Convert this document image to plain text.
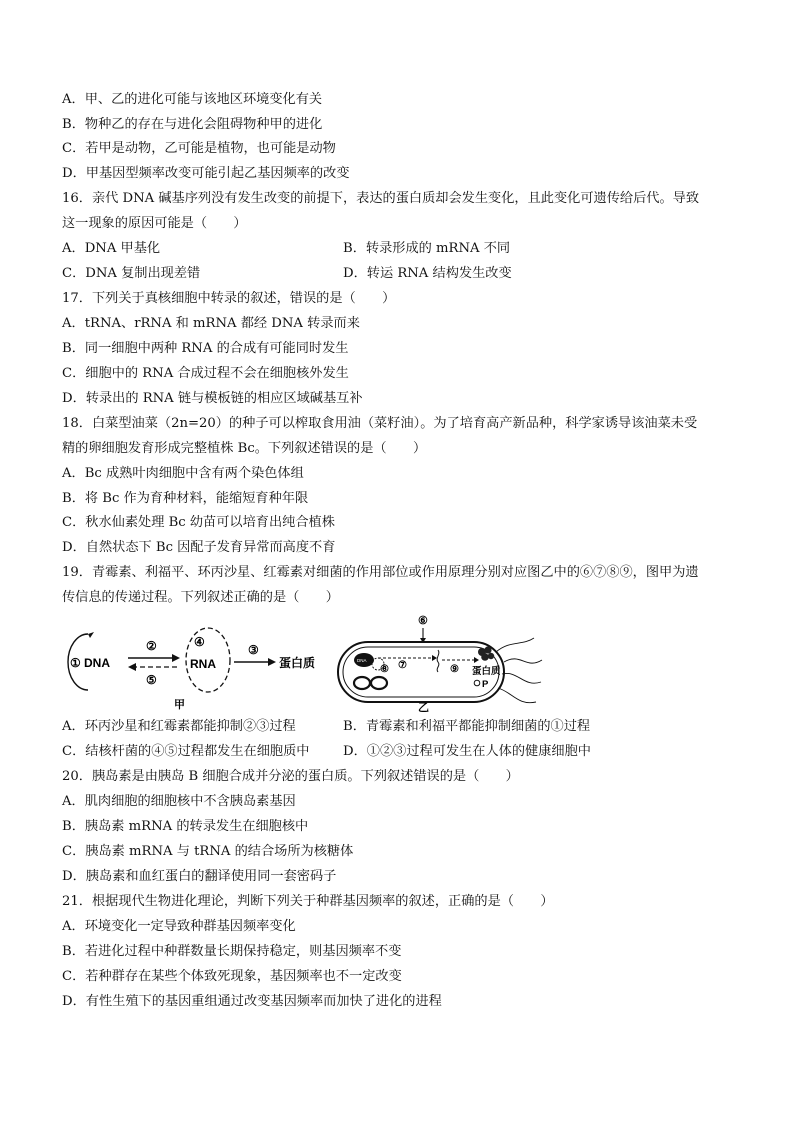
A．甲、乙的进化可能与该地区环境变化有关
B．物种乙的存在与进化会阻碍物种甲的进化
C．若甲是动物，乙可能是植物，也可能是动物
D．甲基因型频率改变可能引起乙基因频率的改变
16．亲代 DNA 碱基序列没有发生改变的前提下，表达的蛋白质却会发生变化，且此变化可遗传给后代。导致
这一现象的原因可能是（　　）
A．DNA 甲基化	B．转录形成的 mRNA 不同
C．DNA 复制出现差错	D．转运 RNA 结构发生改变
17．下列关于真核细胞中转录的叙述，错误的是（　　）
A．tRNA、rRNA 和 mRNA 都经 DNA 转录而来
B．同一细胞中两种 RNA 的合成有可能同时发生
C．细胞中的 RNA 合成过程不会在细胞核外发生
D．转录出的 RNA 链与模板链的相应区域碱基互补
18．白菜型油菜（2n=20）的种子可以榨取食用油（菜籽油）。为了培育高产新品种，科学家诱导该油菜未受
精的卵细胞发育形成完整植株 Bc。下列叙述错误的是（　　）
A．Bc 成熟叶肉细胞中含有两个染色体组
B．将 Bc 作为育种材料，能缩短育种年限
C．秋水仙素处理 Bc 幼苗可以培育出纯合植株
D．自然状态下 Bc 因配子发育异常而高度不育
19．青霉素、利福平、环丙沙星、红霉素对细菌的作用部位或作用原理分别对应图乙中的⑥⑦⑧⑨，图甲为遗
传信息的传递过程。下列叙述正确的是（　　）
① DNA
②
⑤
④
RNA
③
蛋白质
甲
⑥
DNA
⑧ ⑦	⑨ 蛋白质
P
乙
A．环丙沙星和红霉素都能抑制②③过程	B．青霉素和利福平都能抑制细菌的①过程
C．结核杆菌的④⑤过程都发生在细胞质中	D．①②③过程可发生在人体的健康细胞中
20．胰岛素是由胰岛 B 细胞合成并分泌的蛋白质。下列叙述错误的是（　　）
A．肌肉细胞的细胞核中不含胰岛素基因
B．胰岛素 mRNA 的转录发生在细胞核中
C．胰岛素 mRNA 与 tRNA 的结合场所为核糖体
D．胰岛素和血红蛋白的翻译使用同一套密码子
21．根据现代生物进化理论，判断下列关于种群基因频率的叙述，正确的是（　　）
A．环境变化一定导致种群基因频率变化
B．若进化过程中种群数量长期保持稳定，则基因频率不变
C．若种群存在某些个体致死现象，基因频率也不一定改变
D．有性生殖下的基因重组通过改变基因频率而加快了进化的进程
